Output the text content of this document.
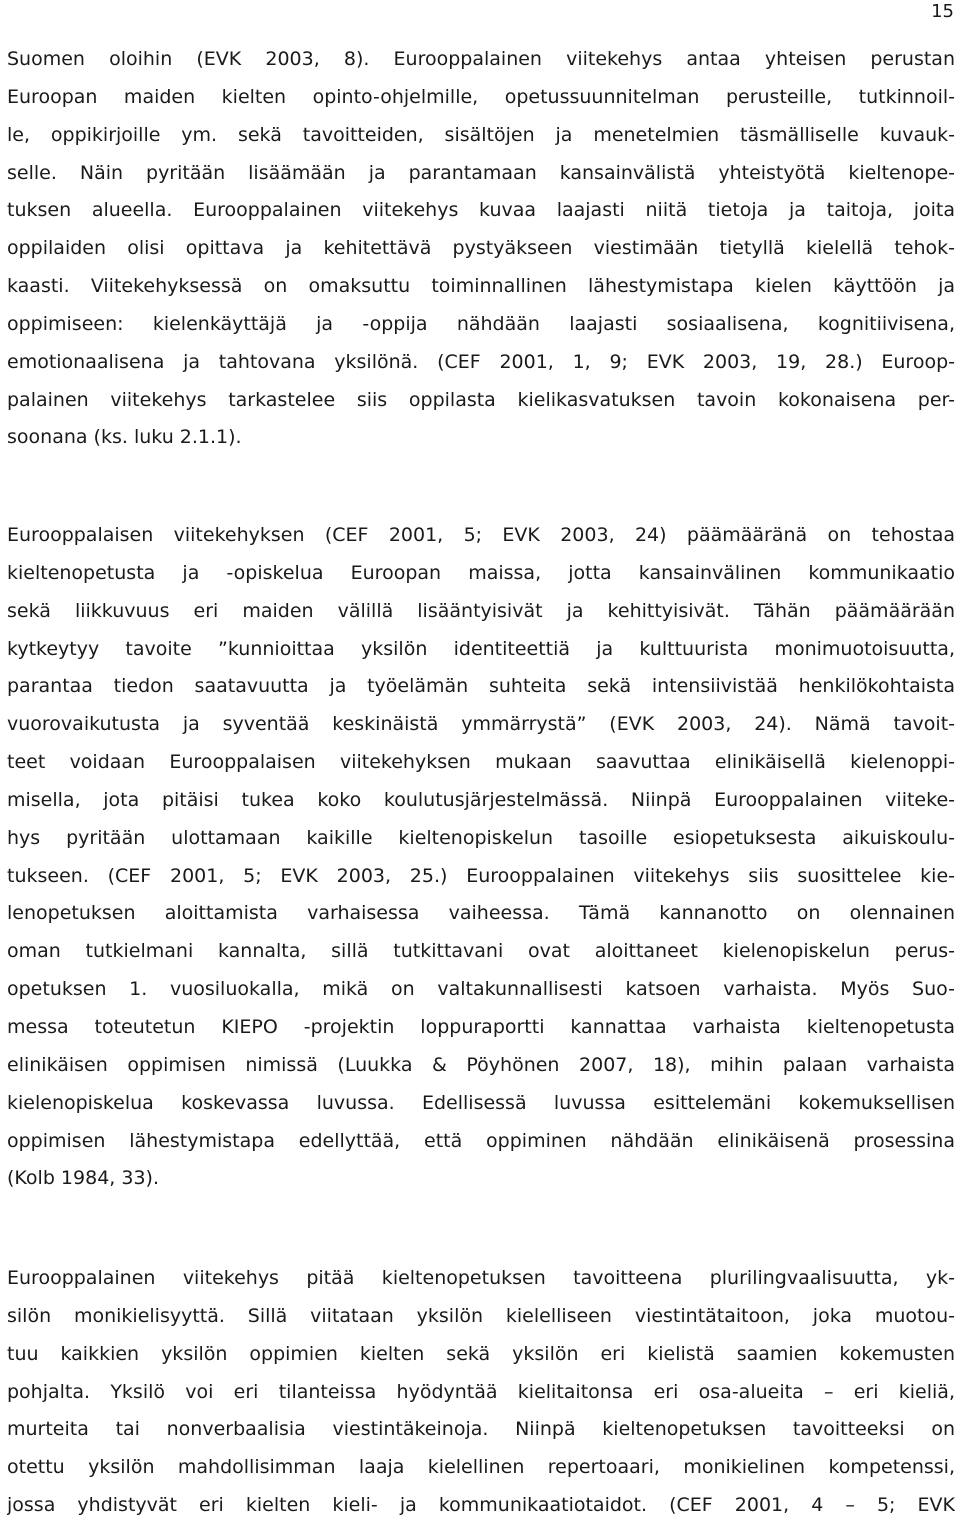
15
Suomen oloihin (EVK 2003, 8). Eurooppalainen viitekehys antaa yhteisen perustan
Euroopan maiden kielten opinto-ohjelmille, opetussuunnitelman perusteille, tutkinnoil-
le, oppikirjoille ym. sekä tavoitteiden, sisältöjen ja menetelmien täsmälliselle kuvauk-
selle. Näin pyritään lisäämään ja parantamaan kansainvälistä yhteistyötä kieltenope-
tuksen alueella. Eurooppalainen viitekehys kuvaa laajasti niitä tietoja ja taitoja, joita
oppilaiden olisi opittava ja kehitettävä pystyäkseen viestimään tietyllä kielellä tehok-
kaasti. Viitekehyksessä on omaksuttu toiminnallinen lähestymistapa kielen käyttöön ja
oppimiseen: kielenkäyttäjä ja -oppija nähdään laajasti sosiaalisena, kognitiivisena,
emotionaalisena ja tahtovana yksilönä. (CEF 2001, 1, 9; EVK 2003, 19, 28.) Euroop-
palainen viitekehys tarkastelee siis oppilasta kielikasvatuksen tavoin kokonaisena per-
soonana (ks. luku 2.1.1).
Eurooppalaisen viitekehyksen (CEF 2001, 5; EVK 2003, 24) päämääränä on tehostaa
kieltenopetusta ja -opiskelua Euroopan maissa, jotta kansainvälinen kommunikaatio
sekä liikkuvuus eri maiden välillä lisääntyisivät ja kehittyisivät. Tähän päämäärään
kytkeytyy tavoite ”kunnioittaa yksilön identiteettiä ja kulttuurista monimuotoisuutta,
parantaa tiedon saatavuutta ja työelämän suhteita sekä intensiivistää henkilökohtaista
vuorovaikutusta ja syventää keskinäistä ymmärrystä” (EVK 2003, 24). Nämä tavoit-
teet voidaan Eurooppalaisen viitekehyksen mukaan saavuttaa elinikäisellä kielenoppi-
misella, jota pitäisi tukea koko koulutusjärjestelmässä. Niinpä Eurooppalainen viiteke-
hys pyritään ulottamaan kaikille kieltenopiskelun tasoille esiopetuksesta aikuiskoulu-
tukseen. (CEF 2001, 5; EVK 2003, 25.) Eurooppalainen viitekehys siis suosittelee kie-
lenopetuksen aloittamista varhaisessa vaiheessa. Tämä kannanotto on olennainen
oman tutkielmani kannalta, sillä tutkittavani ovat aloittaneet kielenopiskelun perus-
opetuksen 1. vuosiluokalla, mikä on valtakunnallisesti katsoen varhaista. Myös Suo-
messa toteutetun KIEPO -projektin loppuraportti kannattaa varhaista kieltenopetusta
elinikäisen oppimisen nimissä (Luukka & Pöyhönen 2007, 18), mihin palaan varhaista
kielenopiskelua koskevassa luvussa. Edellisessä luvussa esittelemäni kokemuksellisen
oppimisen lähestymistapa edellyttää, että oppiminen nähdään elinikäisenä prosessina
(Kolb 1984, 33).
Eurooppalainen viitekehys pitää kieltenopetuksen tavoitteena plurilingvaalisuutta, yk-
silön monikielisyyttä. Sillä viitataan yksilön kielelliseen viestintätaitoon, joka muotou-
tuu kaikkien yksilön oppimien kielten sekä yksilön eri kielistä saamien kokemusten
pohjalta. Yksilö voi eri tilanteissa hyödyntää kielitaitonsa eri osa-alueita – eri kieliä,
murteita tai nonverbaalisia viestintäkeinoja. Niinpä kieltenopetuksen tavoitteeksi on
otettu yksilön mahdollisimman laaja kielellinen repertoaari, monikielinen kompetenssi,
jossa yhdistyvät eri kielten kieli- ja kommunikaatiotaidot. (CEF 2001, 4 – 5; EVK
